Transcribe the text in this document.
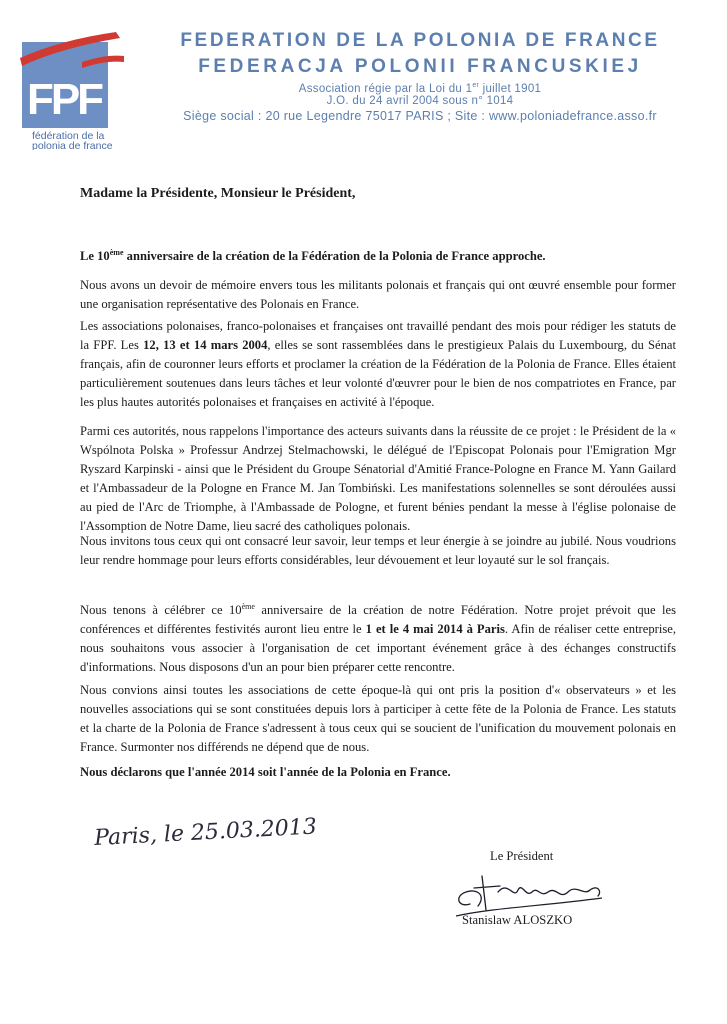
FPF
fédération de la
polonia de france
FEDERATION DE LA POLONIA DE FRANCE
FEDERACJA POLONII FRANCUSKIEJ
Association régie par la Loi du 1er juillet 1901
J.O. du 24 avril 2004 sous n° 1014
Siège social : 20 rue Legendre 75017 PARIS ; Site : www.poloniadefrance.asso.fr
Madame la Présidente, Monsieur le Président,
Le 10ème anniversaire de la création de la Fédération de la Polonia de France approche.
Nous avons un devoir de mémoire envers tous les militants polonais et français qui ont œuvré ensemble pour former une organisation représentative des Polonais en France.
Les associations polonaises, franco-polonaises et françaises ont travaillé pendant des mois pour rédiger les statuts de la FPF. Les 12, 13 et 14 mars 2004, elles se sont rassemblées dans le prestigieux Palais du Luxembourg, du Sénat français, afin de couronner leurs efforts et proclamer la création de la Fédération de la Polonia de France. Elles étaient particulièrement soutenues dans leurs tâches et leur volonté d'œuvrer pour le bien de nos compatriotes en France, par les plus hautes autorités polonaises et françaises en activité à l'époque.
Parmi ces autorités, nous rappelons l'importance des acteurs suivants dans la réussite de ce projet : le Président de la « Wspólnota Polska » Professur Andrzej Stelmachowski, le délégué de l'Episcopat Polonais pour l'Emigration Mgr Ryszard Karpinski - ainsi que le Président du Groupe Sénatorial d'Amitié France-Pologne en France M. Yann Gailard et l'Ambassadeur de la Pologne en France M. Jan Tombiński. Les manifestations solennelles se sont déroulées aussi au pied de l'Arc de Triomphe, à l'Ambassade de Pologne, et furent bénies pendant la messe à l'église polonaise de l'Assomption de Notre Dame, lieu sacré des catholiques polonais.
Nous invitons tous ceux qui ont consacré leur savoir, leur temps et leur énergie à se joindre au jubilé. Nous voudrions leur rendre hommage pour leurs efforts considérables, leur dévouement et leur loyauté sur le sol français.
Nous tenons à célébrer ce 10ème anniversaire de la création de notre Fédération. Notre projet prévoit que les conférences et différentes festivités auront lieu entre le 1 et le 4 mai 2014 à Paris. Afin de réaliser cette entreprise, nous souhaitons vous associer à l'organisation de cet important événement grâce à des échanges constructifs d'informations. Nous disposons d'un an pour bien préparer cette rencontre.
Nous convions ainsi toutes les associations de cette époque-là qui ont pris la position d'« observateurs » et les nouvelles associations qui se sont constituées depuis lors à participer à cette fête de la Polonia de France. Les statuts et la charte de la Polonia de France s'adressent à tous ceux qui se soucient de l'unification du mouvement polonais en France. Surmonter nos différends ne dépend que de nous.
Nous déclarons que l'année 2014 soit l'année de la Polonia en France.
Paris, le 25.03.2013
Le Président
Stanislaw ALOSZKO
